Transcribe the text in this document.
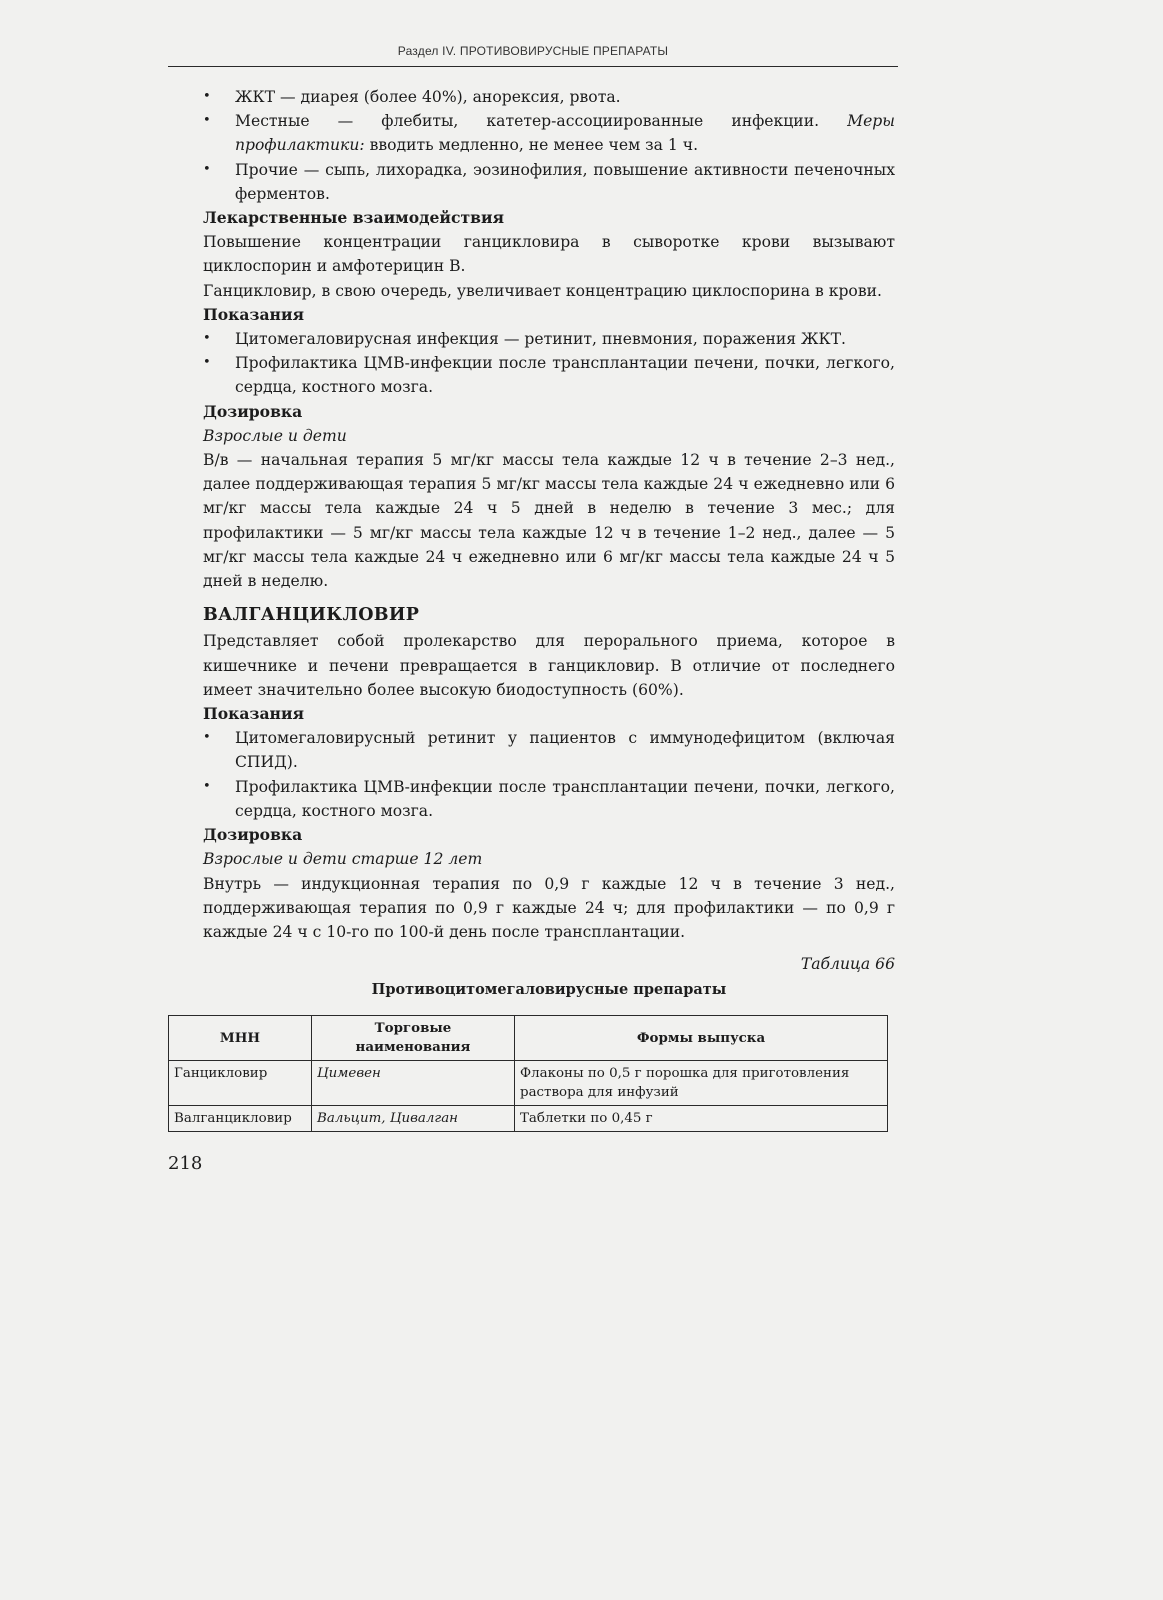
Раздел IV. ПРОТИВОВИРУСНЫЕ ПРЕПАРАТЫ
• ЖКТ — диарея (более 40%), анорексия, рвота.
• Местные — флебиты, катетер-ассоциированные инфекции. Меры профилактики: вводить медленно, не менее чем за 1 ч.
• Прочие — сыпь, лихорадка, эозинофилия, повышение активности печеночных ферментов.
Лекарственные взаимодействия
Повышение концентрации ганцикловира в сыворотке крови вызывают циклоспорин и амфотерицин В.
Ганцикловир, в свою очередь, увеличивает концентрацию циклоспорина в крови.
Показания
• Цитомегаловирусная инфекция — ретинит, пневмония, поражения ЖКТ.
• Профилактика ЦМВ-инфекции после трансплантации печени, почки, легкого, сердца, костного мозга.
Дозировка
Взрослые и дети
В/в — начальная терапия 5 мг/кг массы тела каждые 12 ч в течение 2–3 нед., далее поддерживающая терапия 5 мг/кг массы тела каждые 24 ч ежедневно или 6 мг/кг массы тела каждые 24 ч 5 дней в неделю в течение 3 мес.; для профилактики — 5 мг/кг массы тела каждые 12 ч в течение 1–2 нед., далее — 5 мг/кг массы тела каждые 24 ч ежедневно или 6 мг/кг массы тела каждые 24 ч 5 дней в неделю.
ВАЛГАНЦИКЛОВИР
Представляет собой пролекарство для перорального приема, которое в кишечнике и печени превращается в ганцикловир. В отличие от последнего имеет значительно более высокую биодоступность (60%).
Показания
• Цитомегаловирусный ретинит у пациентов с иммунодефицитом (включая СПИД).
• Профилактика ЦМВ-инфекции после трансплантации печени, почки, легкого, сердца, костного мозга.
Дозировка
Взрослые и дети старше 12 лет
Внутрь — индукционная терапия по 0,9 г каждые 12 ч в течение 3 нед., поддерживающая терапия по 0,9 г каждые 24 ч; для профилактики — по 0,9 г каждые 24 ч с 10-го по 100-й день после трансплантации.
Таблица 66
Противоцитомегаловирусные препараты
МНН	Торговые наименования	Формы выпуска
Ганцикловир	Цимевен	Флаконы по 0,5 г порошка для приготовления раствора для инфузий
Валганцикловир	Вальцит, Цивалган	Таблетки по 0,45 г
218
